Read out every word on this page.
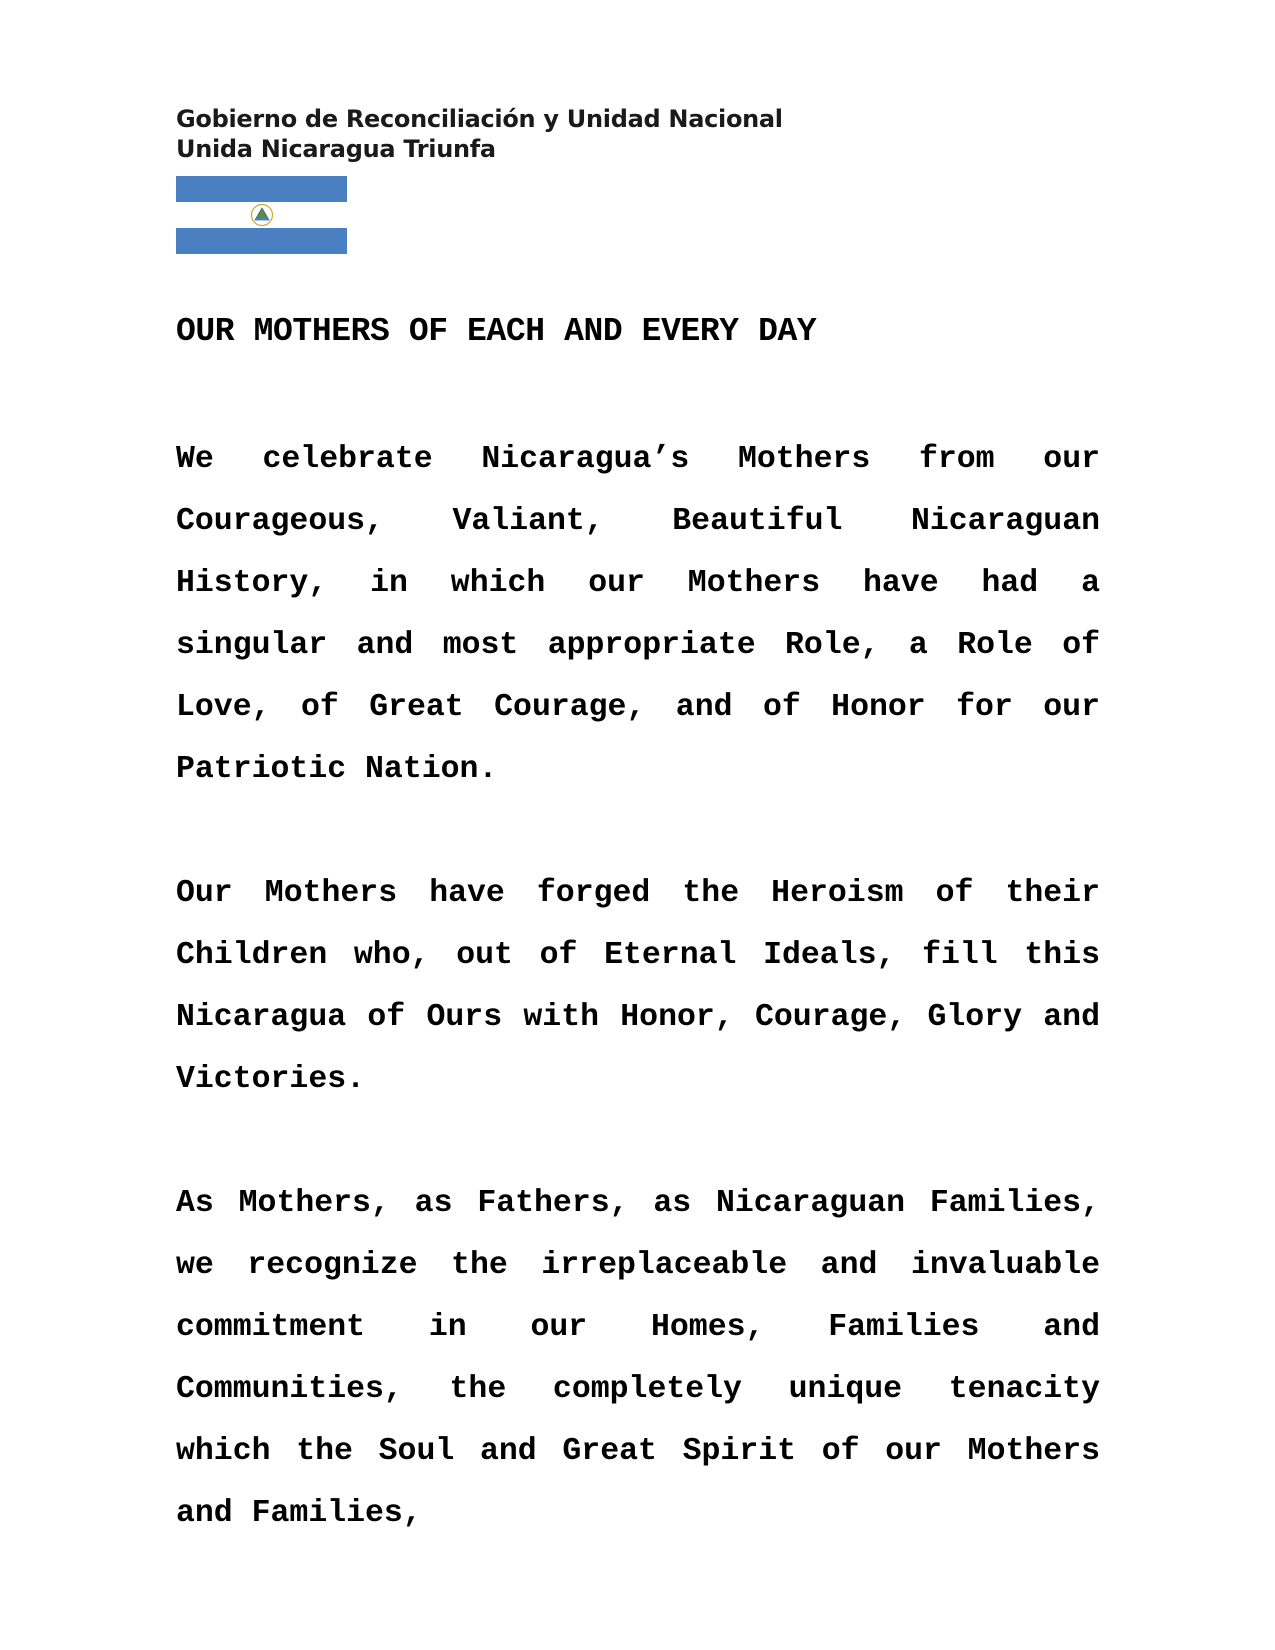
Gobierno de Reconciliación y Unidad Nacional
Unida Nicaragua Triunfa
OUR MOTHERS OF EACH AND EVERY DAY

We celebrate Nicaragua’s Mothers from our Courageous, Valiant, Beautiful Nicaraguan History, in which our Mothers have had a singular and most appropriate Role, a Role of Love, of Great Courage, and of Honor for our Patriotic Nation.

Our Mothers have forged the Heroism of their Children who, out of Eternal Ideals, fill this Nicaragua of Ours with Honor, Courage, Glory and Victories.

As Mothers, as Fathers, as Nicaraguan Families, we recognize the irreplaceable and invaluable commitment in our Homes, Families and Communities, the completely unique tenacity which the Soul and Great Spirit of our Mothers and Families,
